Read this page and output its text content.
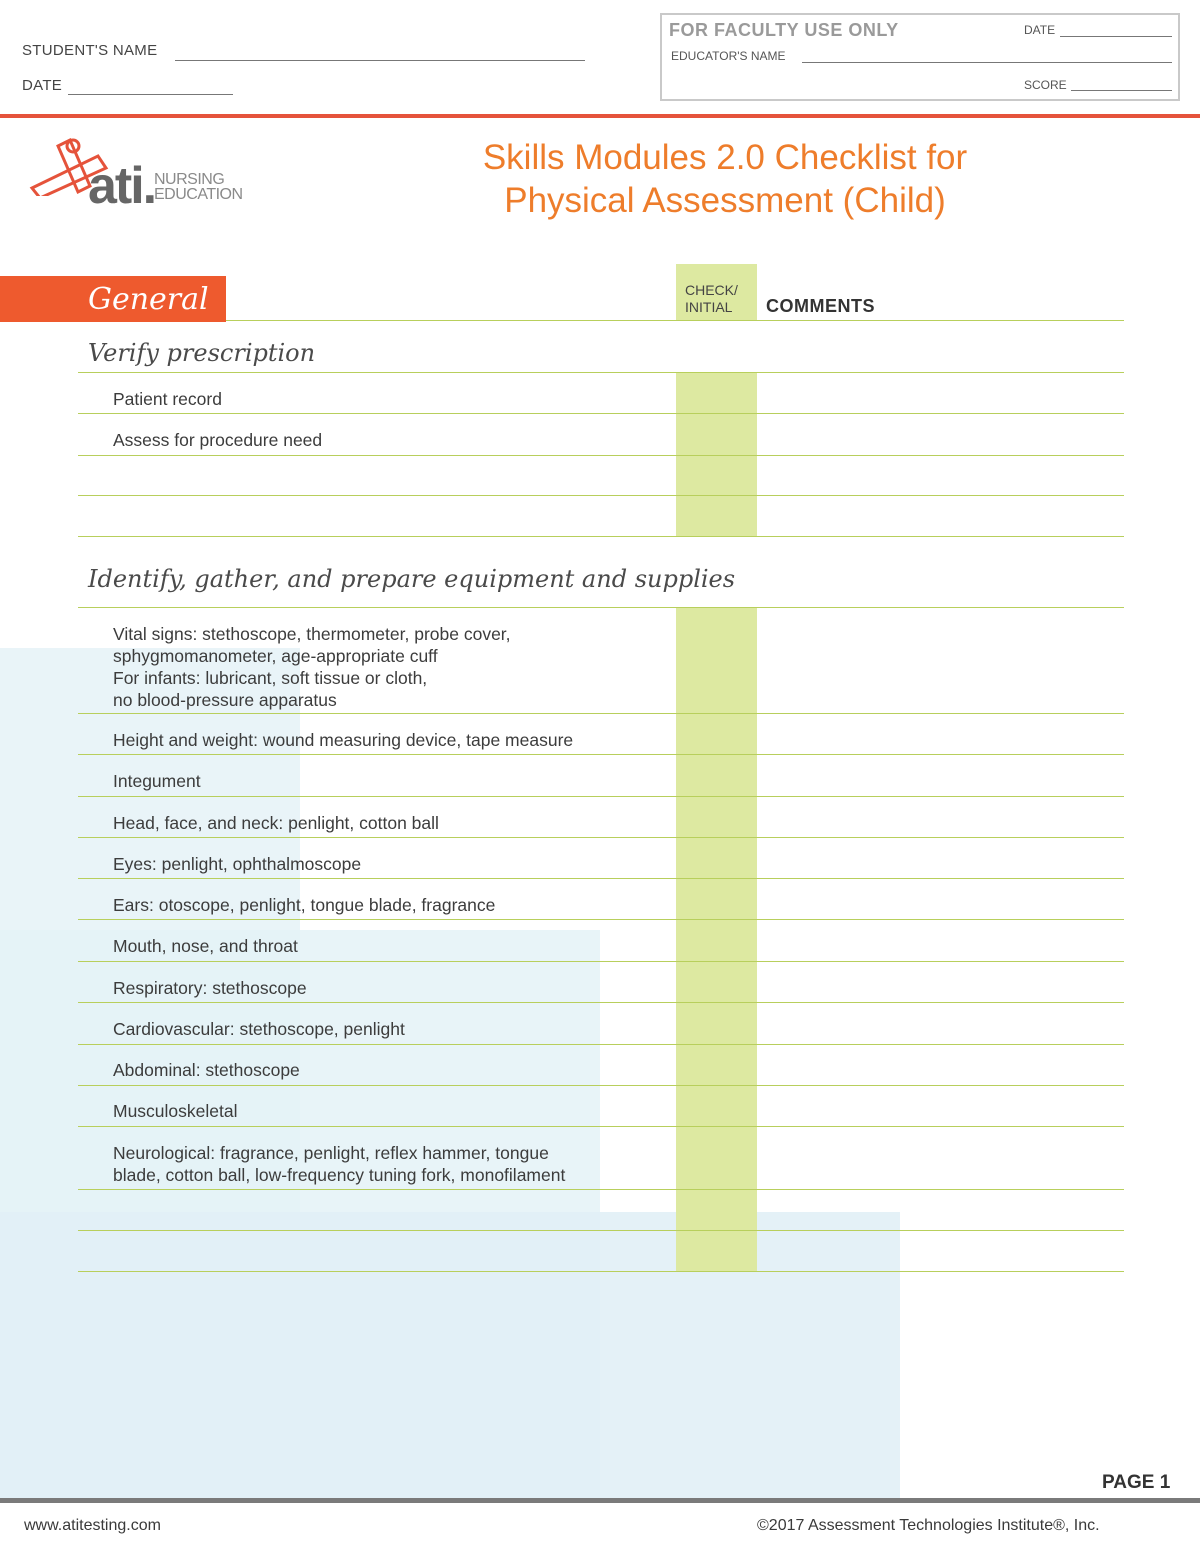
STUDENT'S NAME
DATE
FOR FACULTY USE ONLY	DATE
EDUCATOR'S NAME
SCORE
ati.
NURSING
EDUCATION
Skills Modules 2.0 Checklist for
Physical Assessment (Child)
General	CHECK/
INITIAL	COMMENTS
Verify prescription
Patient record
Assess for procedure need
Identify, gather, and prepare equipment and supplies
Vital signs: stethoscope, thermometer, probe cover,
sphygmomanometer, age-appropriate cuff
For infants: lubricant, soft tissue or cloth,
no blood-pressure apparatus
Height and weight: wound measuring device, tape measure
Integument
Head, face, and neck: penlight, cotton ball
Eyes: penlight, ophthalmoscope
Ears: otoscope, penlight, tongue blade, fragrance
Mouth, nose, and throat
Respiratory: stethoscope
Cardiovascular: stethoscope, penlight
Abdominal: stethoscope
Musculoskeletal
Neurological: fragrance, penlight, reflex hammer, tongue
blade, cotton ball, low-frequency tuning fork, monofilament
PAGE 1
www.atitesting.com	©2017 Assessment Technologies Institute®, Inc.
